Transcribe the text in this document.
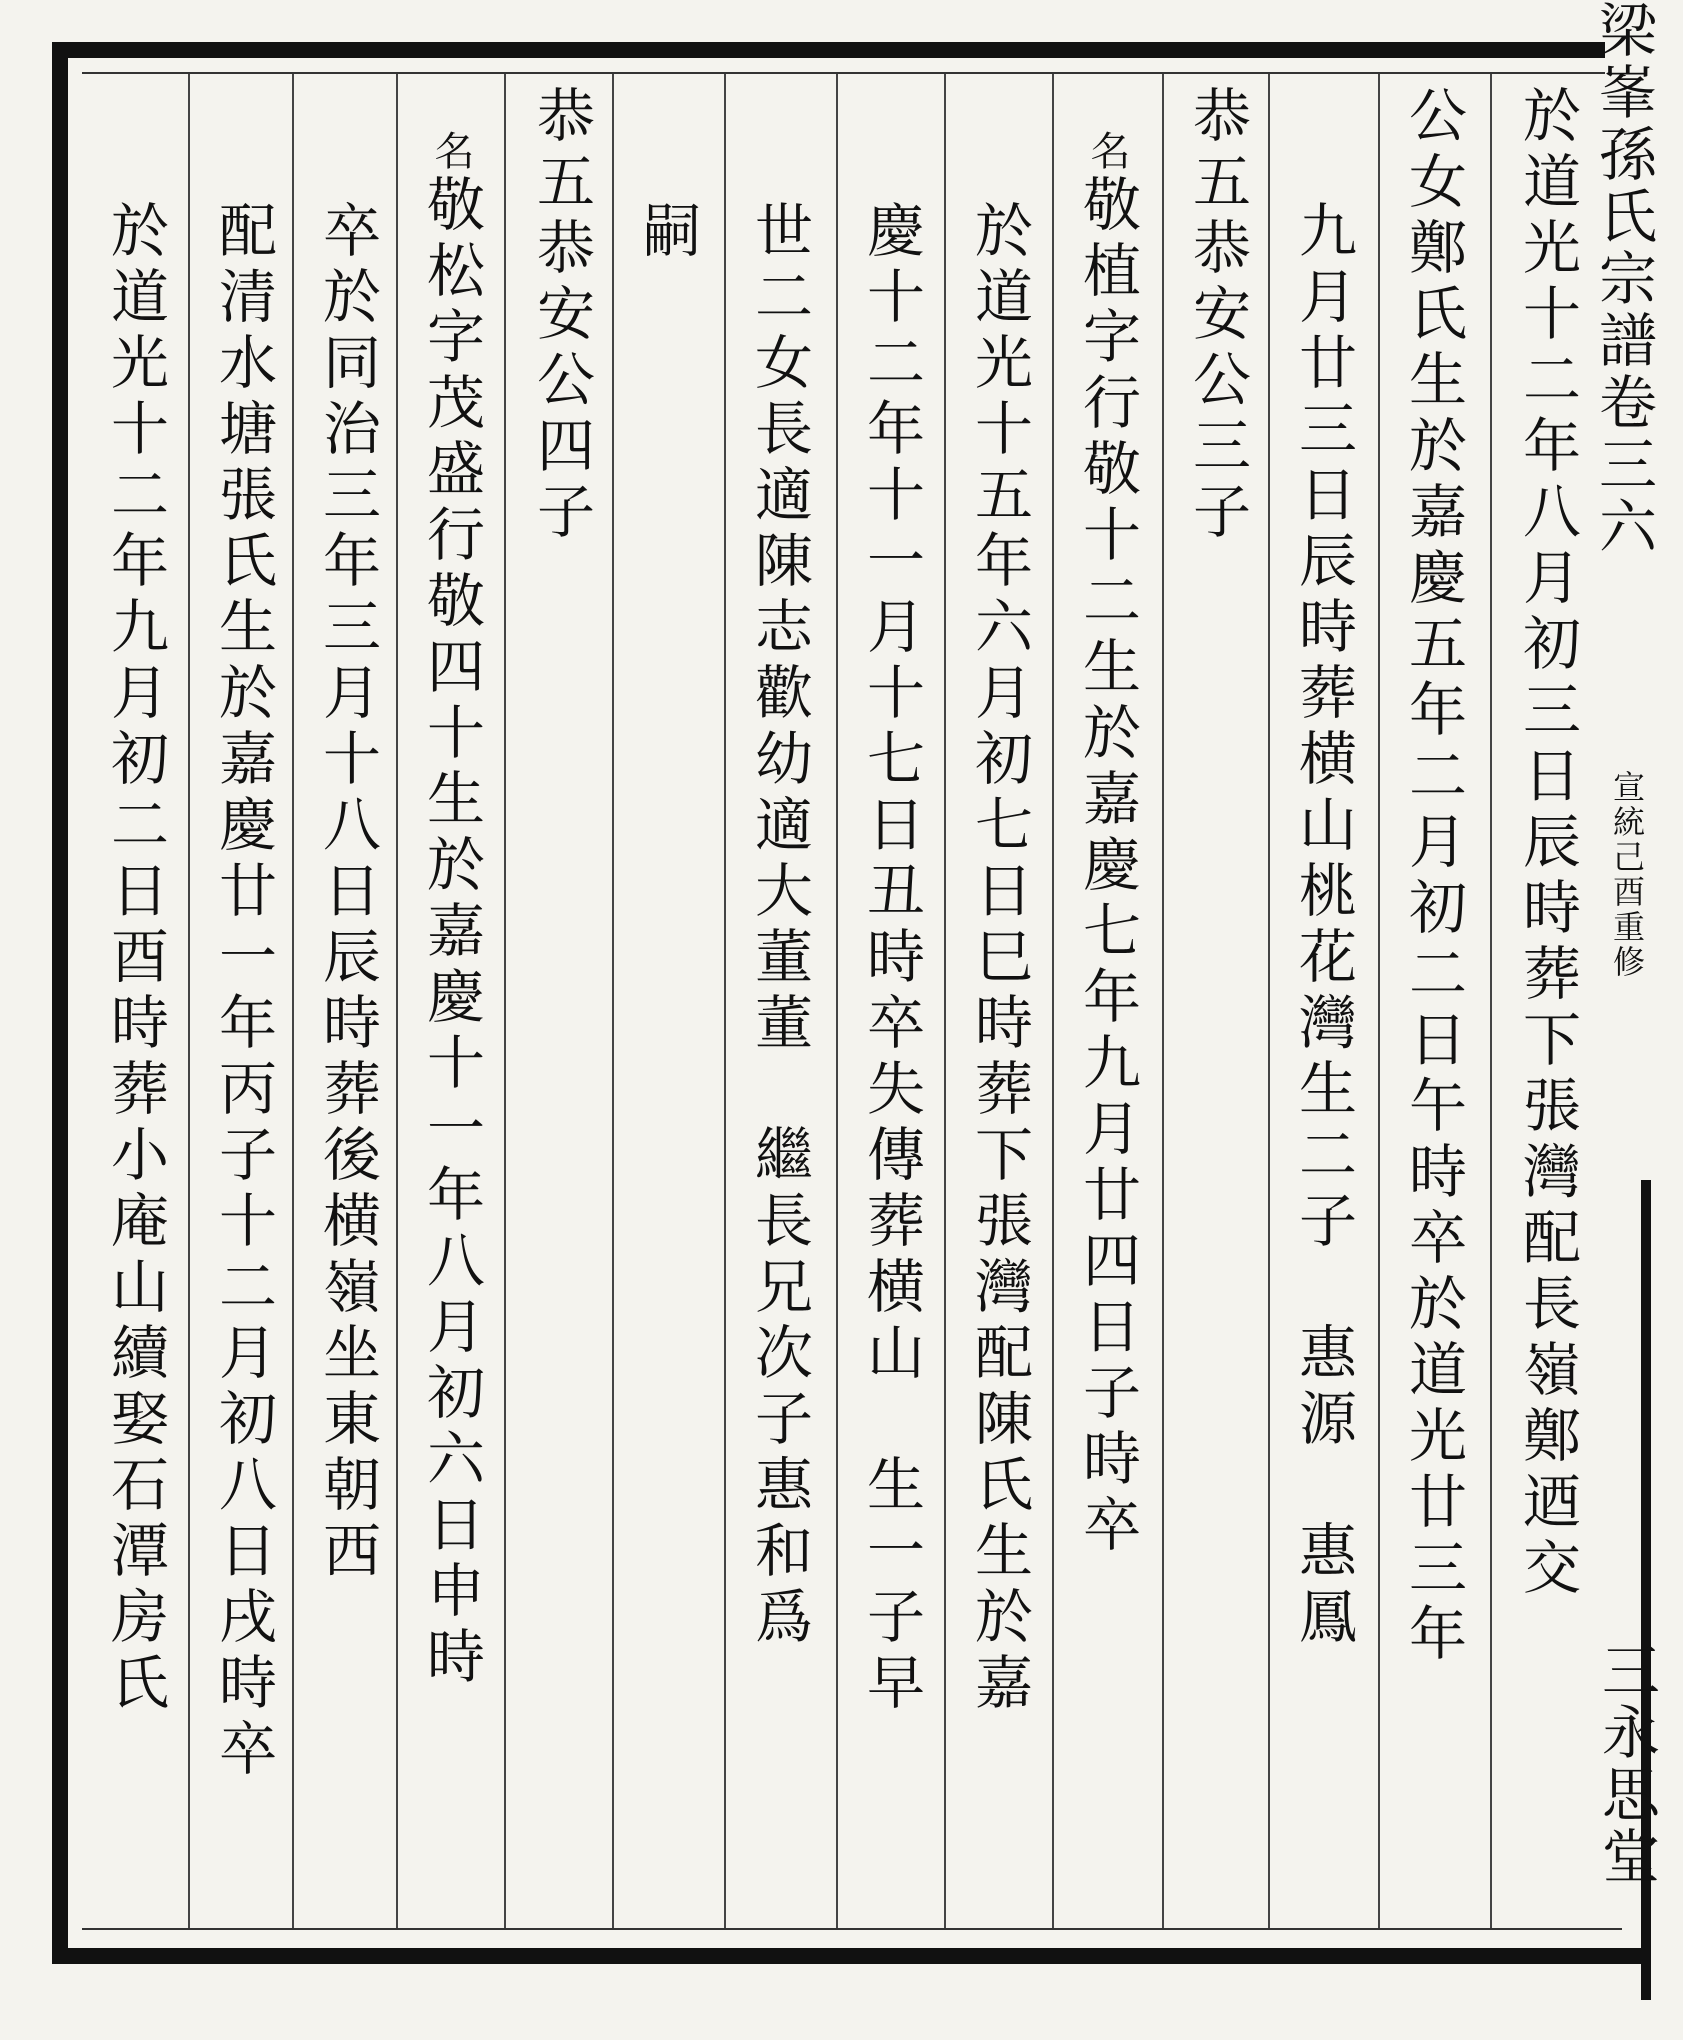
梁峯孫氏宗譜卷三六
宣統己酉重修
三永思堂
於道光十二年八月初三日辰時葬下張灣配長嶺鄭迺交
公女鄭氏生於嘉慶五年二月初二日午時卒於道光廿三年
九月廿三日辰時葬横山桃花灣生二子　惠源　惠鳳
恭五恭安公三子
名敬植字行敬十二生於嘉慶七年九月廿四日子時卒
於道光十五年六月初七日巳時葬下張灣配陳氏生於嘉
慶十二年十一月十七日丑時卒失傳葬横山　生一子早
世二女長適陳志歡幼適大董董　繼長兄次子惠和爲
嗣
恭五恭安公四子
名敬松字茂盛行敬四十生於嘉慶十一年八月初六日申時
卒於同治三年三月十八日辰時葬後横嶺坐東朝西
配清水塘張氏生於嘉慶廿一年丙子十二月初八日戌時卒
於道光十二年九月初二日酉時葬小庵山續娶石潭房氏
